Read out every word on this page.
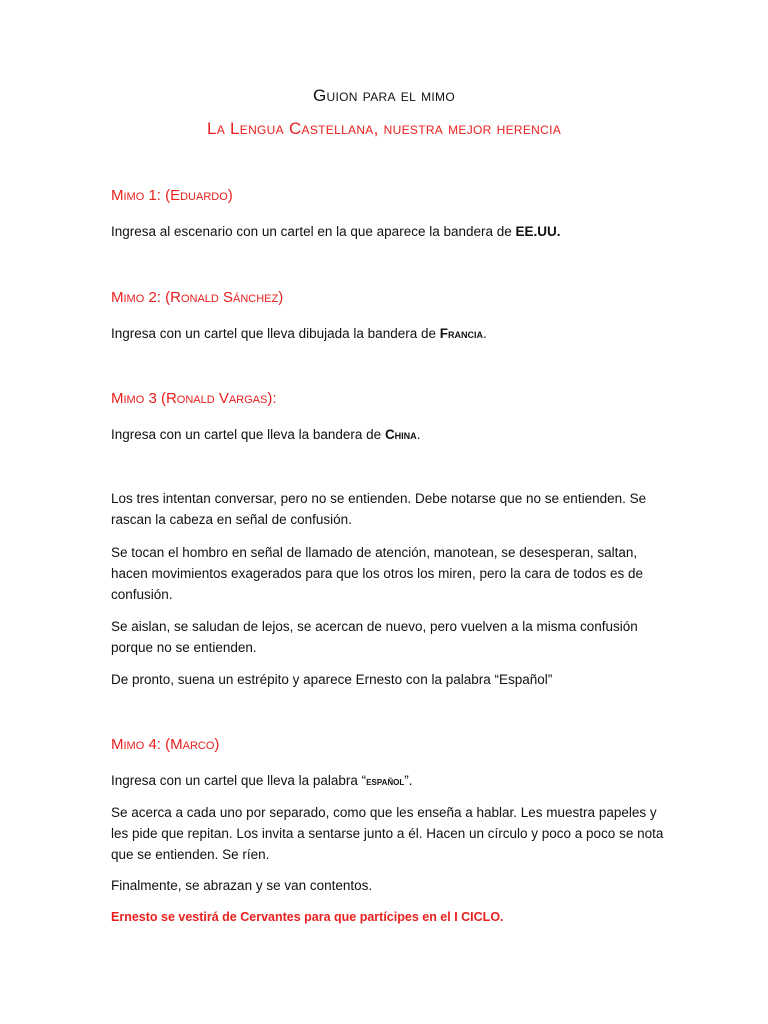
Guion para el mimo
La Lengua Castellana, nuestra mejor herencia
Mimo 1: (Eduardo)
Ingresa al escenario con un cartel en la que aparece la bandera de EE.UU.
Mimo 2: (Ronald Sánchez)
Ingresa con un cartel que lleva dibujada la bandera de Francia.
Mimo 3 (Ronald Vargas):
Ingresa con un cartel que lleva la bandera de China.
Los tres intentan conversar, pero no se entienden. Debe notarse que no se entienden. Se rascan la cabeza en señal de confusión.
Se tocan el hombro en señal de llamado de atención, manotean, se desesperan, saltan, hacen movimientos exagerados para que los otros los miren, pero la cara de todos es de confusión.
Se aislan, se saludan de lejos, se acercan de nuevo, pero vuelven a la misma confusión porque no se entienden.
De pronto, suena un estrépito y aparece Ernesto con la palabra “Español”
Mimo 4: (Marco)
Ingresa con un cartel que lleva la palabra “español”.
Se acerca a cada uno por separado, como que les enseña a hablar. Les muestra papeles y les pide que repitan. Los invita a sentarse junto a él. Hacen un círculo y poco a poco se nota que se entienden. Se ríen.
Finalmente, se abrazan y se van contentos.
Ernesto se vestirá de Cervantes para que partícipes en el I CICLO.
